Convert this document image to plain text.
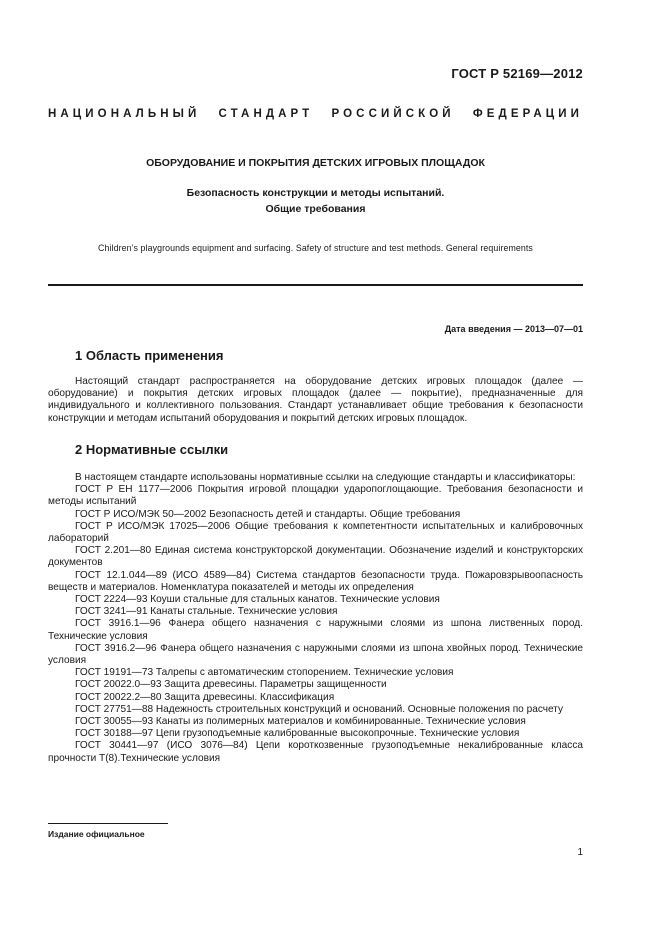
ГОСТ Р 52169—2012
НАЦИОНАЛЬНЫЙ СТАНДАРТ РОССИЙСКОЙ ФЕДЕРАЦИИ
ОБОРУДОВАНИЕ И ПОКРЫТИЯ ДЕТСКИХ ИГРОВЫХ ПЛОЩАДОК
Безопасность конструкции и методы испытаний.
Общие требования
Children’s playgrounds equipment and surfacing. Safety of structure and test methods. General requirements
Дата введения — 2013—07—01
1 Область применения

Настоящий стандарт распространяется на оборудование детских игровых площадок (далее — оборудование) и покрытия детских игровых площадок (далее — покрытие), предназначенные для индивидуального и коллективного пользования. Стандарт устанавливает общие требования к безопасности конструкции и методам испытаний оборудования и покрытий детских игровых площадок.

2 Нормативные ссылки

В настоящем стандарте использованы нормативные ссылки на следующие стандарты и классификаторы:

ГОСТ Р ЕН 1177—2006 Покрытия игровой площадки ударопоглощающие. Требования безопасности и методы испытаний

ГОСТ Р ИСО/МЭК 50—2002 Безопасность детей и стандарты. Общие требования

ГОСТ Р ИСО/МЭК 17025—2006 Общие требования к компетентности испытательных и калибровочных лабораторий

ГОСТ 2.201—80 Единая система конструкторской документации. Обозначение изделий и конструкторских документов

ГОСТ 12.1.044—89 (ИСО 4589—84) Система стандартов безопасности труда. Пожаровзрывоопасность веществ и материалов. Номенклатура показателей и методы их определения

ГОСТ 2224—93 Коуши стальные для стальных канатов. Технические условия

ГОСТ 3241—91 Канаты стальные. Технические условия

ГОСТ 3916.1—96 Фанера общего назначения с наружными слоями из шпона лиственных пород. Технические условия

ГОСТ 3916.2—96 Фанера общего назначения с наружными слоями из шпона хвойных пород. Технические условия

ГОСТ 19191—73 Талрепы с автоматическим стопорением. Технические условия

ГОСТ 20022.0—93 Защита древесины. Параметры защищенности

ГОСТ 20022.2—80 Защита древесины. Классификация

ГОСТ 27751—88 Надежность строительных конструкций и оснований. Основные положения по расчету

ГОСТ 30055—93 Канаты из полимерных материалов и комбинированные. Технические условия

ГОСТ 30188—97 Цепи грузоподъемные калиброванные высокопрочные. Технические условия

ГОСТ 30441—97 (ИСО 3076—84) Цепи короткозвенные грузоподъемные некалиброванные класса прочности Т(8).Технические условия

Издание официальное
1
